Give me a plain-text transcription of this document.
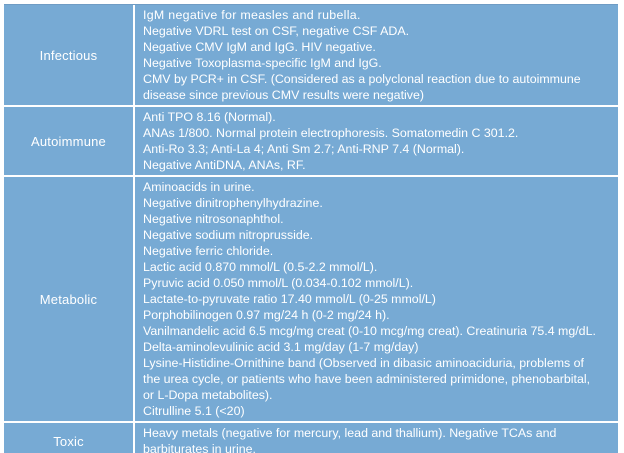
Infectious
IgM negative for measles and rubella.
Negative VDRL test on CSF, negative CSF ADA.
Negative CMV IgM and IgG. HIV negative.
Negative Toxoplasma-specific IgM and IgG.
CMV by PCR+ in CSF. (Considered as a polyclonal reaction due to autoimmune
disease since previous CMV results were negative)
Autoimmune
Anti TPO 8.16 (Normal).
ANAs 1/800. Normal protein electrophoresis. Somatomedin C 301.2.
Anti-Ro 3.3; Anti-La 4; Anti Sm 2.7; Anti-RNP 7.4 (Normal).
Negative AntiDNA, ANAs, RF.
Metabolic
Aminoacids in urine.
Negative dinitrophenylhydrazine.
Negative nitrosonaphthol.
Negative sodium nitroprusside.
Negative ferric chloride.
Lactic acid 0.870 mmol/L (0.5-2.2 mmol/L).
Pyruvic acid 0.050 mmol/L (0.034-0.102 mmol/L).
Lactate-to-pyruvate ratio 17.40 mmol/L (0-25 mmol/L)
Porphobilinogen 0.97 mg/24 h (0-2 mg/24 h).
Vanilmandelic acid 6.5 mcg/mg creat (0-10 mcg/mg creat). Creatinuria 75.4 mg/dL.
Delta-aminolevulinic acid 3.1 mg/day (1-7 mg/day)
Lysine-Histidine-Ornithine band (Observed in dibasic aminoaciduria, problems of
the urea cycle, or patients who have been administered primidone, phenobarbital,
or L-Dopa metabolites).
Citrulline 5.1 (<20)
Toxic
Heavy metals (negative for mercury, lead and thallium). Negative TCAs and
barbiturates in urine.
